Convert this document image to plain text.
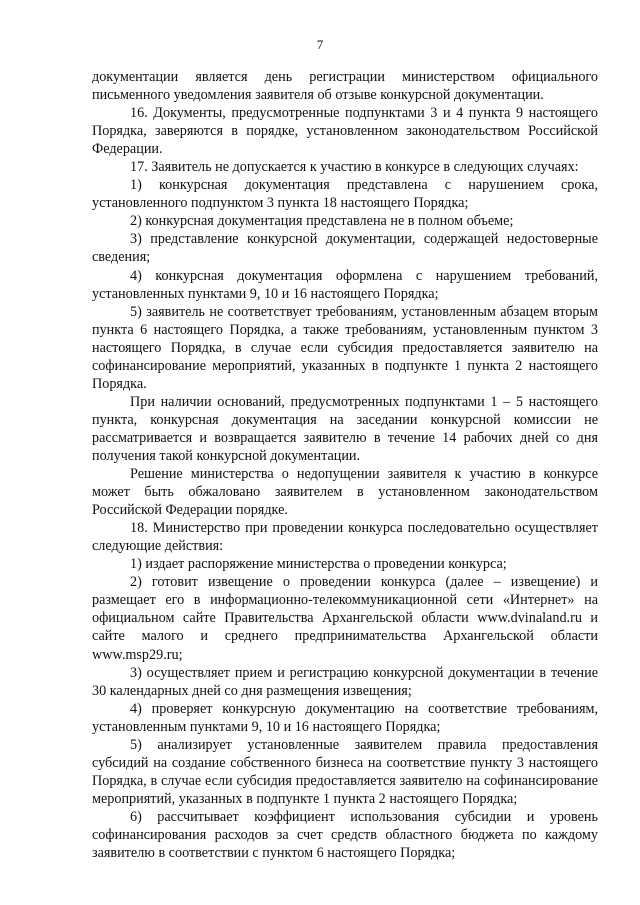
7

документации является день регистрации министерством официального письменного уведомления заявителя об отзыве конкурсной документации.

16. Документы, предусмотренные подпунктами 3 и 4 пункта 9 настоящего Порядка, заверяются в порядке, установленном законодательством Российской Федерации.

17. Заявитель не допускается к участию в конкурсе в следующих случаях:

1) конкурсная документация представлена с нарушением срока, установленного подпунктом 3 пункта 18 настоящего Порядка;

2) конкурсная документация представлена не в полном объеме;

3) представление конкурсной документации, содержащей недостоверные сведения;

4) конкурсная документация оформлена с нарушением требований, установленных пунктами 9, 10 и 16 настоящего Порядка;

5) заявитель не соответствует требованиям, установленным абзацем вторым пункта 6 настоящего Порядка, а также требованиям, установленным пунктом 3 настоящего Порядка, в случае если субсидия предоставляется заявителю на софинансирование мероприятий, указанных в подпункте 1 пункта 2 настоящего Порядка.

При наличии оснований, предусмотренных подпунктами 1 – 5 настоящего пункта, конкурсная документация на заседании конкурсной комиссии не рассматривается и возвращается заявителю в течение 14 рабочих дней со дня получения такой конкурсной документации.

Решение министерства о недопущении заявителя к участию в конкурсе может быть обжаловано заявителем в установленном законодательством Российской Федерации порядке.

18. Министерство при проведении конкурса последовательно осуществляет следующие действия:

1) издает распоряжение министерства о проведении конкурса;

2) готовит извещение о проведении конкурса (далее – извещение) и размещает его в информационно-телекоммуникационной сети «Интернет» на официальном сайте Правительства Архангельской области www.dvinaland.ru и сайте малого и среднего предпринимательства Архангельской области www.msp29.ru;

3) осуществляет прием и регистрацию конкурсной документации в течение 30 календарных дней со дня размещения извещения;

4) проверяет конкурсную документацию на соответствие требованиям, установленным пунктами 9, 10 и 16 настоящего Порядка;

5) анализирует установленные заявителем правила предоставления субсидий на создание собственного бизнеса на соответствие пункту 3 настоящего Порядка, в случае если субсидия предоставляется заявителю на софинансирование мероприятий, указанных в подпункте 1 пункта 2 настоящего Порядка;

6) рассчитывает коэффициент использования субсидии и уровень софинансирования расходов за счет средств областного бюджета по каждому заявителю в соответствии с пунктом 6 настоящего Порядка;
